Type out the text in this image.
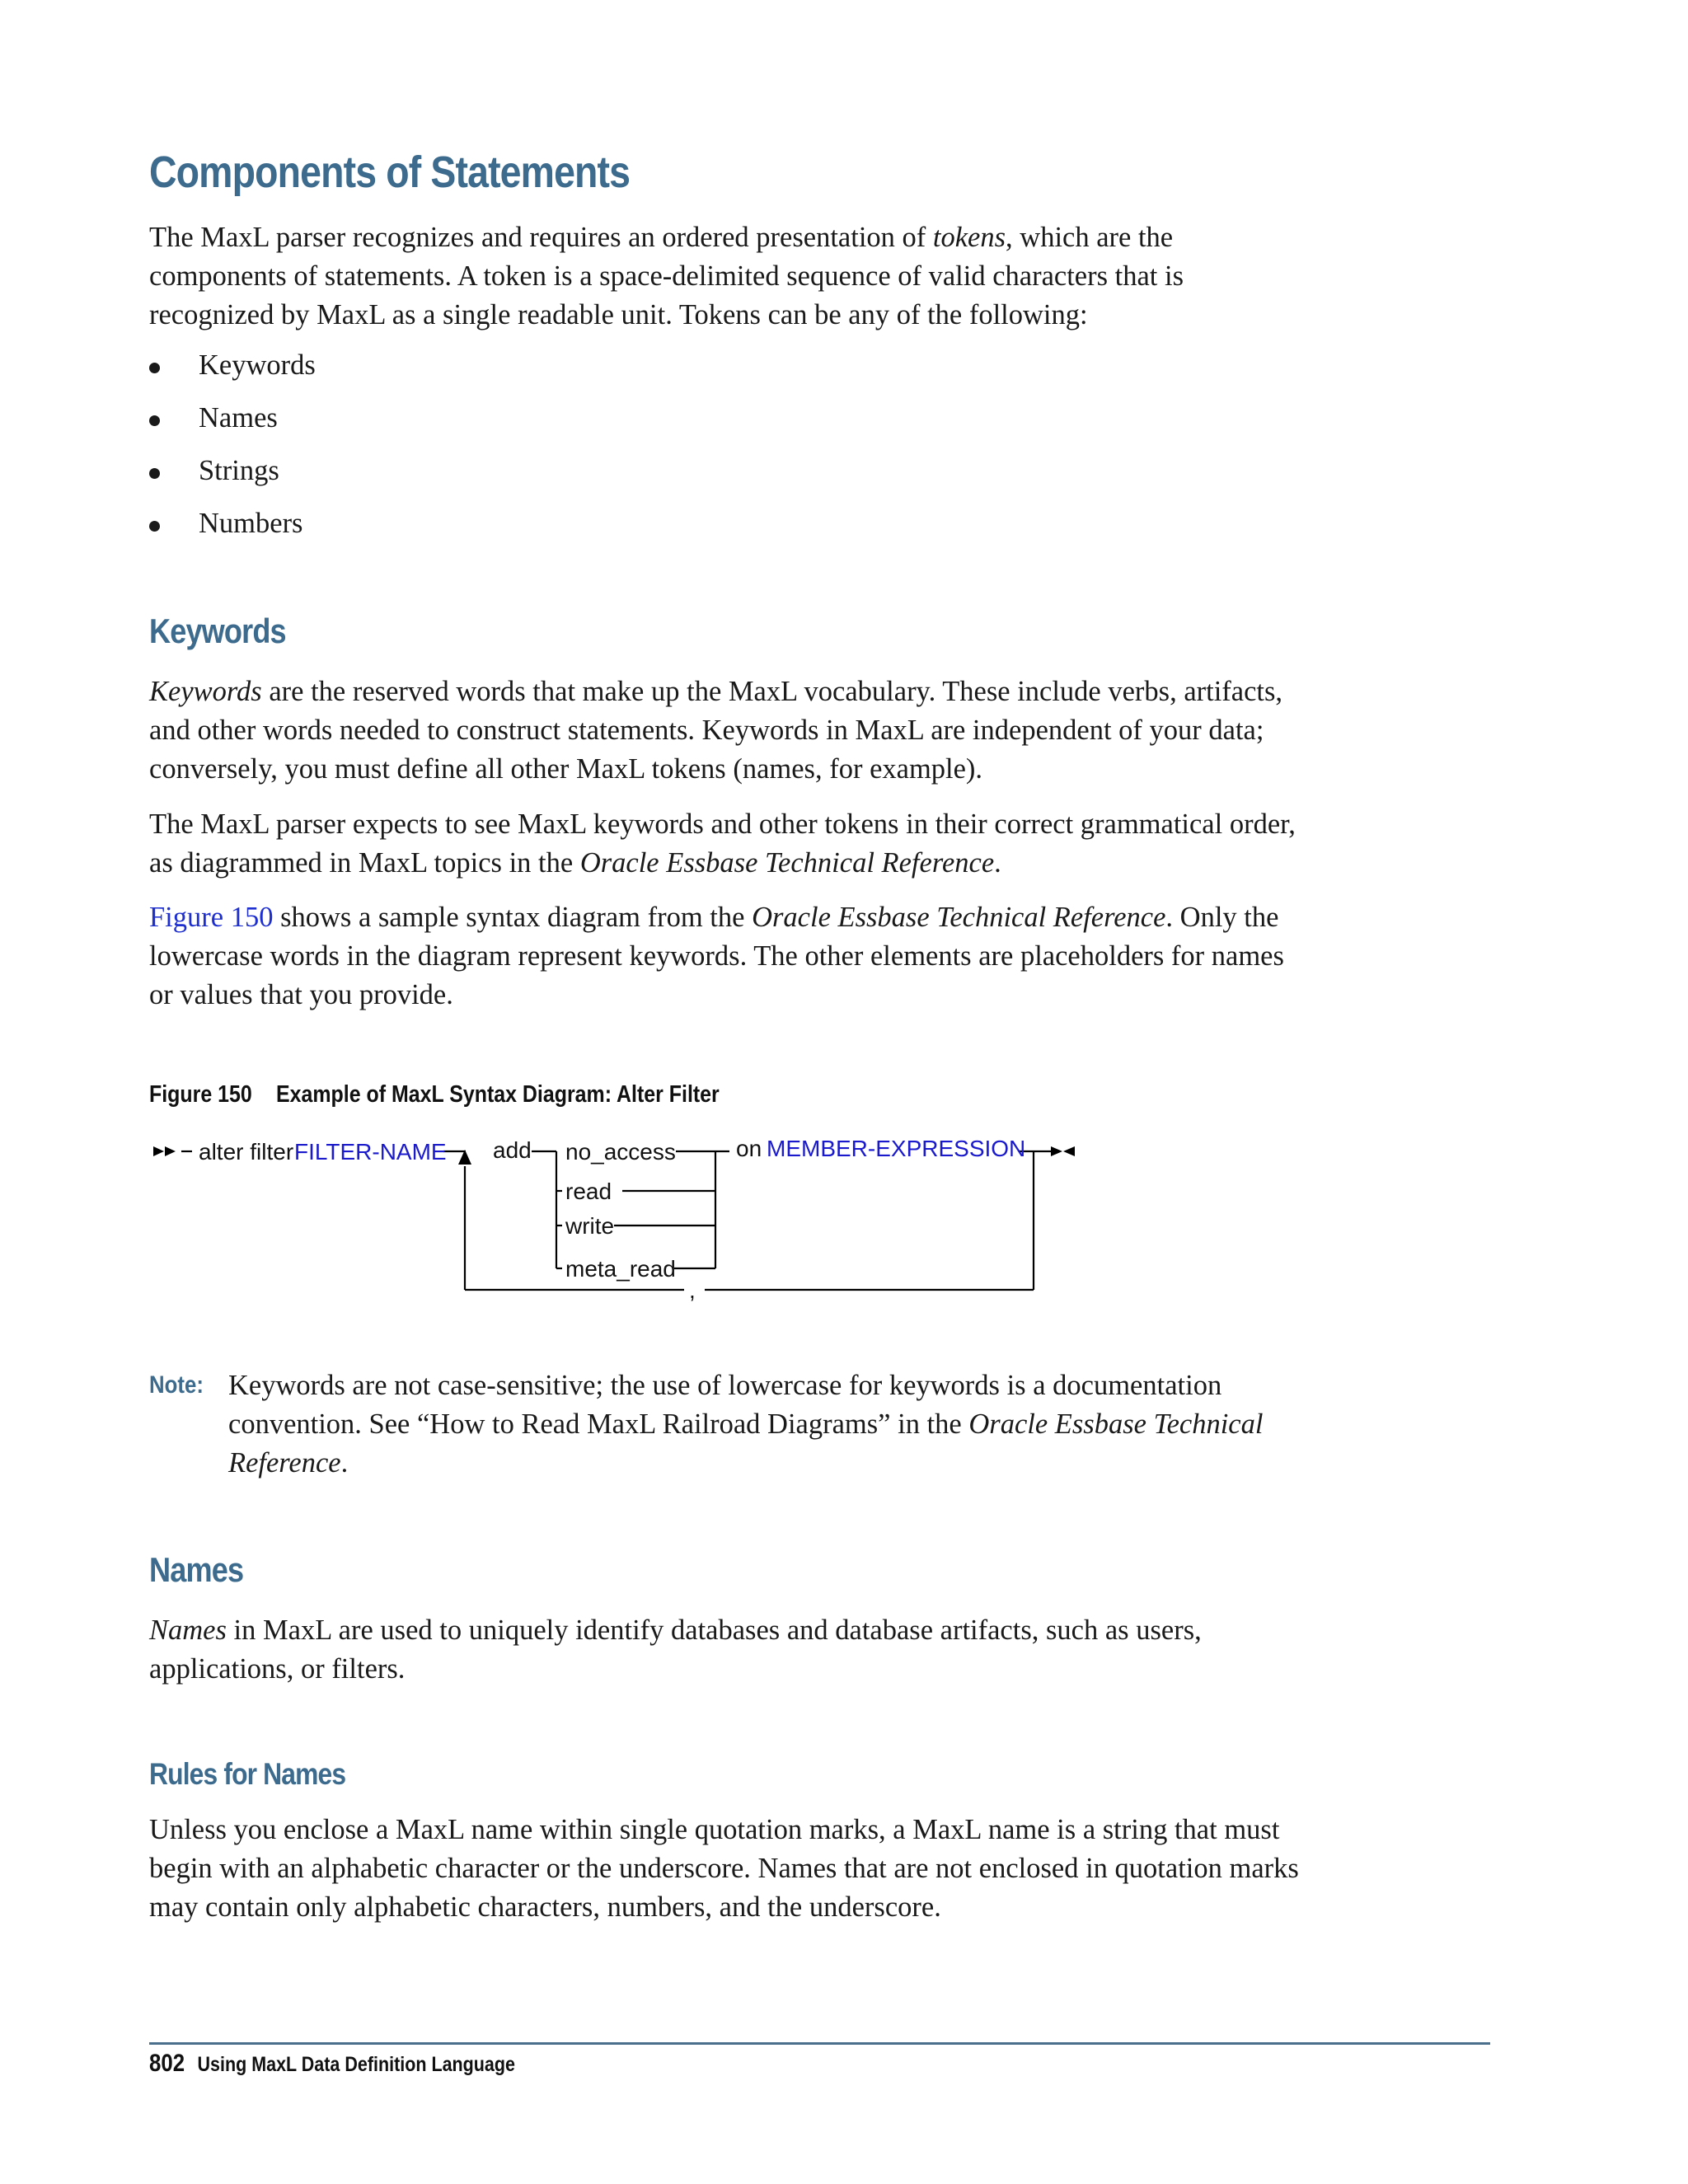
Components of Statements

The MaxL parser recognizes and requires an ordered presentation of tokens, which are the components of statements. A token is a space-delimited sequence of valid characters that is recognized by MaxL as a single readable unit. Tokens can be any of the following:

Keywords
Names
Strings
Numbers
Keywords

Keywords are the reserved words that make up the MaxL vocabulary. These include verbs, artifacts, and other words needed to construct statements. Keywords in MaxL are independent of your data; conversely, you must define all other MaxL tokens (names, for example).

The MaxL parser expects to see MaxL keywords and other tokens in their correct grammatical order, as diagrammed in MaxL topics in the Oracle Essbase Technical Reference.

Figure 150 shows a sample syntax diagram from the Oracle Essbase Technical Reference. Only the lowercase words in the diagram represent keywords. The other elements are placeholders for names or values that you provide.

Figure 150 Example of MaxL Syntax Diagram: Alter Filter
alter filter FILTER-NAME add no_access
read
write
meta_read
on MEMBER-EXPRESSION
,
Note: Keywords are not case-sensitive; the use of lowercase for keywords is a documentation convention. See “How to Read MaxL Railroad Diagrams” in the Oracle Essbase Technical Reference.

Names

Names in MaxL are used to uniquely identify databases and database artifacts, such as users, applications, or filters.

Rules for Names

Unless you enclose a MaxL name within single quotation marks, a MaxL name is a string that must begin with an alphabetic character or the underscore. Names that are not enclosed in quotation marks may contain only alphabetic characters, numbers, and the underscore.

802 Using MaxL Data Definition Language
